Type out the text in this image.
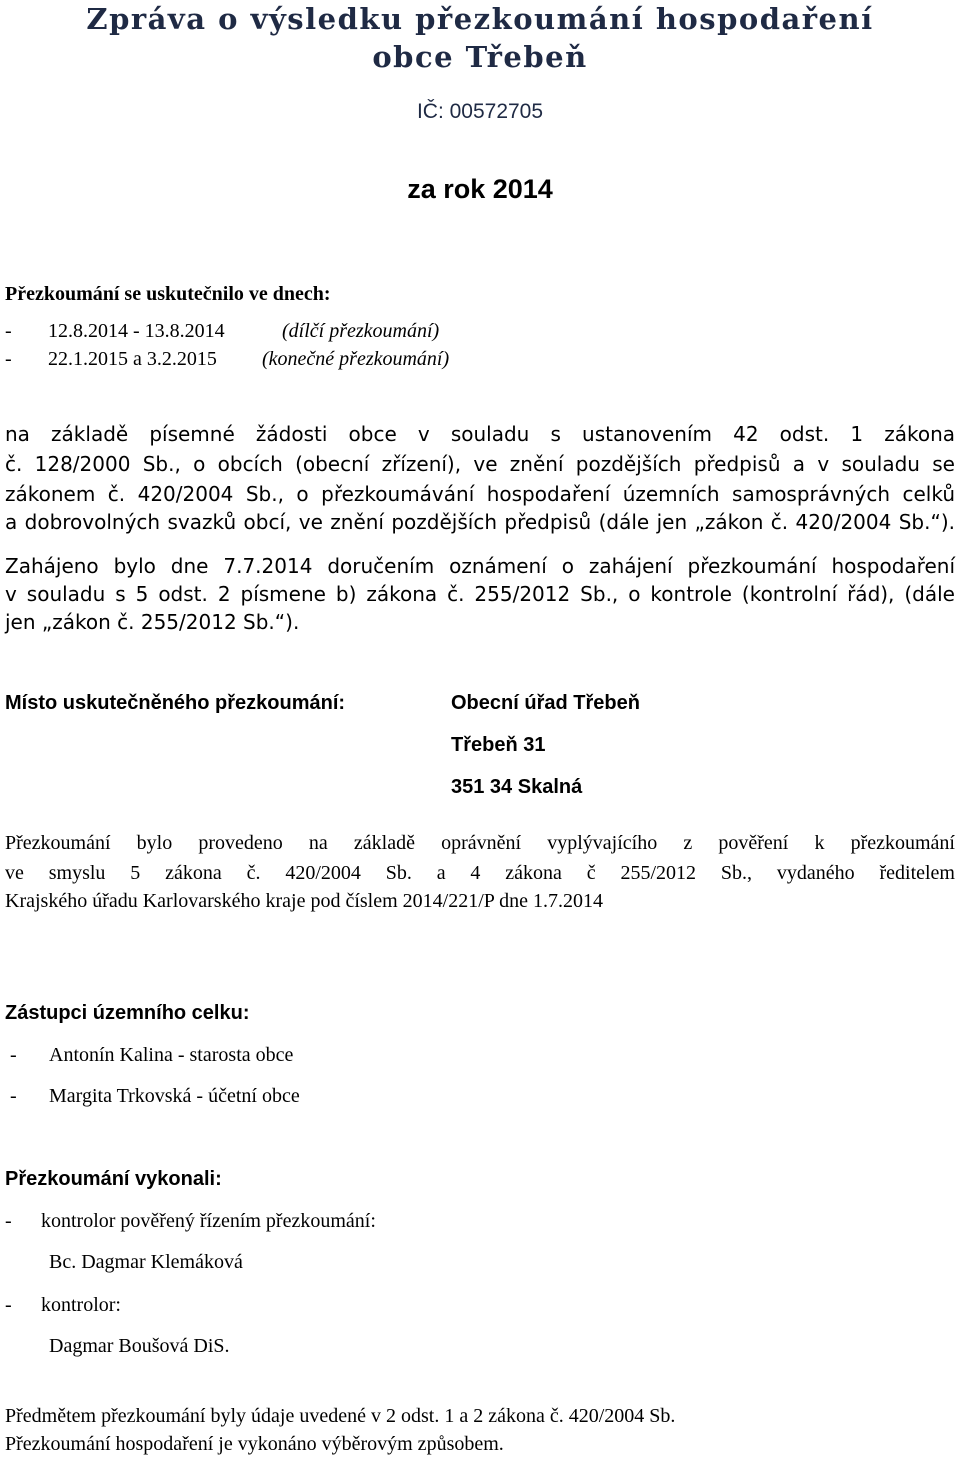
Zpráva o výsledku přezkoumání hospodaření
obce Třebeň
IČ: 00572705
za rok 2014
Přezkoumání se uskutečnilo ve dnech:
- 12.8.2014 - 13.8.2014	(dílčí přezkoumání)
- 22.1.2015 a 3.2.2015 (konečné přezkoumání)
na základě písemné žádosti obce v souladu s ustanovením 42 odst. 1 zákona
č. 128/2000 Sb., o obcích (obecní zřízení), ve znění pozdějších předpisů a v souladu se
zákonem č. 420/2004 Sb., o přezkoumávání hospodaření územních samosprávných celků
a dobrovolných svazků obcí, ve znění pozdějších předpisů (dále jen „zákon č. 420/2004 Sb.“).
Zahájeno bylo dne 7.7.2014 doručením oznámení o zahájení přezkoumání hospodaření
v souladu s 5 odst. 2 písmene b) zákona č. 255/2012 Sb., o kontrole (kontrolní řád), (dále
jen „zákon č. 255/2012 Sb.“).
Místo uskutečněného přezkoumání:	Obecní úřad Třebeň
Třebeň 31
351 34 Skalná
Přezkoumání bylo provedeno na základě oprávnění vyplývajícího z pověření k přezkoumání
ve smyslu 5 zákona č. 420/2004 Sb. a 4 zákona č 255/2012 Sb., vydaného ředitelem
Krajského úřadu Karlovarského kraje pod číslem 2014/221/P dne 1.7.2014
Zástupci územního celku:
- Antonín Kalina - starosta obce
- Margita Trkovská - účetní obce
Přezkoumání vykonali:
- kontrolor pověřený řízením přezkoumání:
Bc. Dagmar Klemáková
- kontrolor:
Dagmar Boušová DiS.
Předmětem přezkoumání byly údaje uvedené v 2 odst. 1 a 2 zákona č. 420/2004 Sb.
Přezkoumání hospodaření je vykonáno výběrovým způsobem.
